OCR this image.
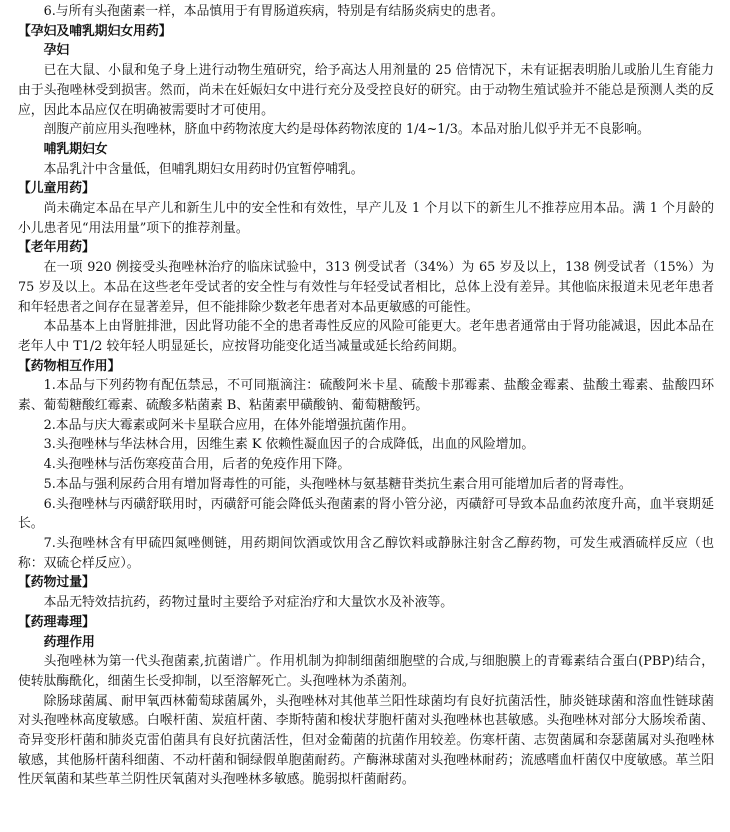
6.与所有头孢菌素一样，本品慎用于有胃肠道疾病，特别是有结肠炎病史的患者。

【孕妇及哺乳期妇女用药】

孕妇

已在大鼠、小鼠和兔子身上进行动物生殖研究，给予高达人用剂量的 25 倍情况下，未有证据表明胎儿或胎儿生育能力由于头孢唑林受到损害。然而，尚未在妊娠妇女中进行充分及受控良好的研究。由于动物生殖试验并不能总是预测人类的反应，因此本品应仅在明确被需要时才可使用。

剖腹产前应用头孢唑林，脐血中药物浓度大约是母体药物浓度的 1/4~1/3。本品对胎儿似乎并无不良影响。

哺乳期妇女

本品乳汁中含量低，但哺乳期妇女用药时仍宜暂停哺乳。

【儿童用药】

尚未确定本品在早产儿和新生儿中的安全性和有效性，早产儿及 1 个月以下的新生儿不推荐应用本品。满 1 个月龄的小儿患者见“用法用量”项下的推荐剂量。

【老年用药】

在一项 920 例接受头孢唑林治疗的临床试验中，313 例受试者（34%）为 65 岁及以上，138 例受试者（15%）为 75 岁及以上。本品在这些老年受试者的安全性与有效性与年轻受试者相比，总体上没有差异。其他临床报道未见老年患者和年轻患者之间存在显著差异，但不能排除少数老年患者对本品更敏感的可能性。

本品基本上由肾脏排泄，因此肾功能不全的患者毒性反应的风险可能更大。老年患者通常由于肾功能减退，因此本品在老年人中 T1/2 较年轻人明显延长，应按肾功能变化适当减量或延长给药间期。

【药物相互作用】

1.本品与下列药物有配伍禁忌，不可同瓶滴注：硫酸阿米卡星、硫酸卡那霉素、盐酸金霉素、盐酸土霉素、盐酸四环素、葡萄糖酸红霉素、硫酸多粘菌素 B、粘菌素甲磺酸钠、葡萄糖酸钙。

2.本品与庆大霉素或阿米卡星联合应用，在体外能增强抗菌作用。

3.头孢唑林与华法林合用，因维生素 K 依赖性凝血因子的合成降低，出血的风险增加。

4.头孢唑林与活伤寒疫苗合用，后者的免疫作用下降。

5.本品与强利尿药合用有增加肾毒性的可能，头孢唑林与氨基糖苷类抗生素合用可能增加后者的肾毒性。

6.头孢唑林与丙磺舒联用时，丙磺舒可能会降低头孢菌素的肾小管分泌，丙磺舒可导致本品血药浓度升高，血半衰期延长。

7.头孢唑林含有甲硫四氮唑侧链，用药期间饮酒或饮用含乙醇饮料或静脉注射含乙醇药物，可发生戒酒硫样反应（也称：双硫仑样反应）。

【药物过量】

本品无特效拮抗药，药物过量时主要给予对症治疗和大量饮水及补液等。

【药理毒理】

药理作用

头孢唑林为第一代头孢菌素,抗菌谱广。作用机制为抑制细菌细胞壁的合成,与细胞膜上的青霉素结合蛋白(PBP)结合，使转肽酶酰化，细菌生长受抑制，以至溶解死亡。头孢唑林为杀菌剂。

除肠球菌属、耐甲氧西林葡萄球菌属外，头孢唑林对其他革兰阳性球菌均有良好抗菌活性，肺炎链球菌和溶血性链球菌对头孢唑林高度敏感。白喉杆菌、炭疽杆菌、李斯特菌和梭状芽胞杆菌对头孢唑林也甚敏感。头孢唑林对部分大肠埃希菌、奇异变形杆菌和肺炎克雷伯菌具有良好抗菌活性，但对金葡菌的抗菌作用较差。伤寒杆菌、志贺菌属和奈瑟菌属对头孢唑林敏感，其他肠杆菌科细菌、不动杆菌和铜绿假单胞菌耐药。产酶淋球菌对头孢唑林耐药；流感嗜血杆菌仅中度敏感。革兰阳性厌氧菌和某些革兰阴性厌氧菌对头孢唑林多敏感。脆弱拟杆菌耐药。
